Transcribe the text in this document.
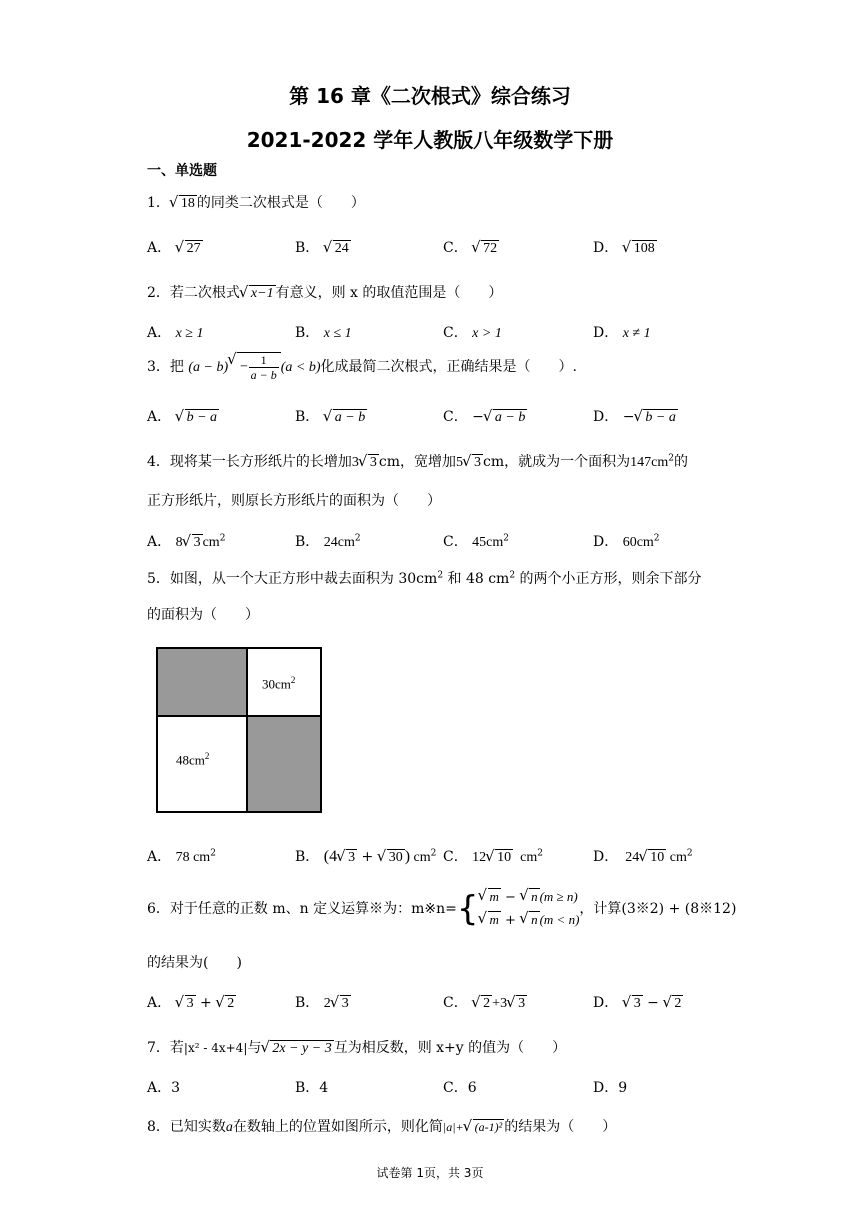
第 16 章《二次根式》综合练习
2021-2022 学年人教版八年级数学下册
一、单选题
1．√ 18 的同类二次根式是（　　）
A． √ 27	B． √ 24	C． √ 72	D． √ 108
2．若二次根式√ x−1 有意义，则 x 的取值范围是（　　）
A． x ≥ 1	B． x ≤ 1	C． x > 1	D． x ≠ 1
3．把 $(a - b)√ - \frac{1}{a - b} (a < b)$化成最简二次根式，正确结果是（　　）.
A． √ b − a	B． √ a − b	C． −√ a − b	D． −√ b − a
4．现将某一长方形纸片的长增加3√ 3 cm，宽增加5√ 3 cm，就成为一个面积为$147cm^2$的
正方形纸片，则原长方形纸片的面积为（　　）
A． 8√ 3 $cm^2$	B． $24cm^2$	C． $45cm^2$	D． $60cm^2$
5．如图，从一个大正方形中裁去面积为 $30cm^2$ 和 48 $cm^2$ 的两个小正方形，则余下部分
的面积为（　　）
$30cm^2$
$48cm^2$
A． 78 $cm^2$	B． (4√ 3 + √ 30 ) $cm^2$ C． 12√ 10  $cm^2$	D．　 24√ 10 $cm^2$
6．对于任意的正数 m、n 定义运算※为：m※n={
√ m − √ n (m ≥ n)
√ m + √ n (m < n)
，计算(3※2) + (8※12)
的结果为(　　)
A． √ 3 + √ 2	B． 2√ 3	C． √ 2 +3√ 3	D． √ 3 − √ 2
7．若|x² - 4x+4|与√ 2x − y − 3 互为相反数，则 x+y 的值为（　　）
A．3	B．4	C．6	D．9
8．已知实数a在数轴上的位置如图所示，则化简|a|+√ (a-1)² 的结果为（　　）
试卷第 1页，共 3页
